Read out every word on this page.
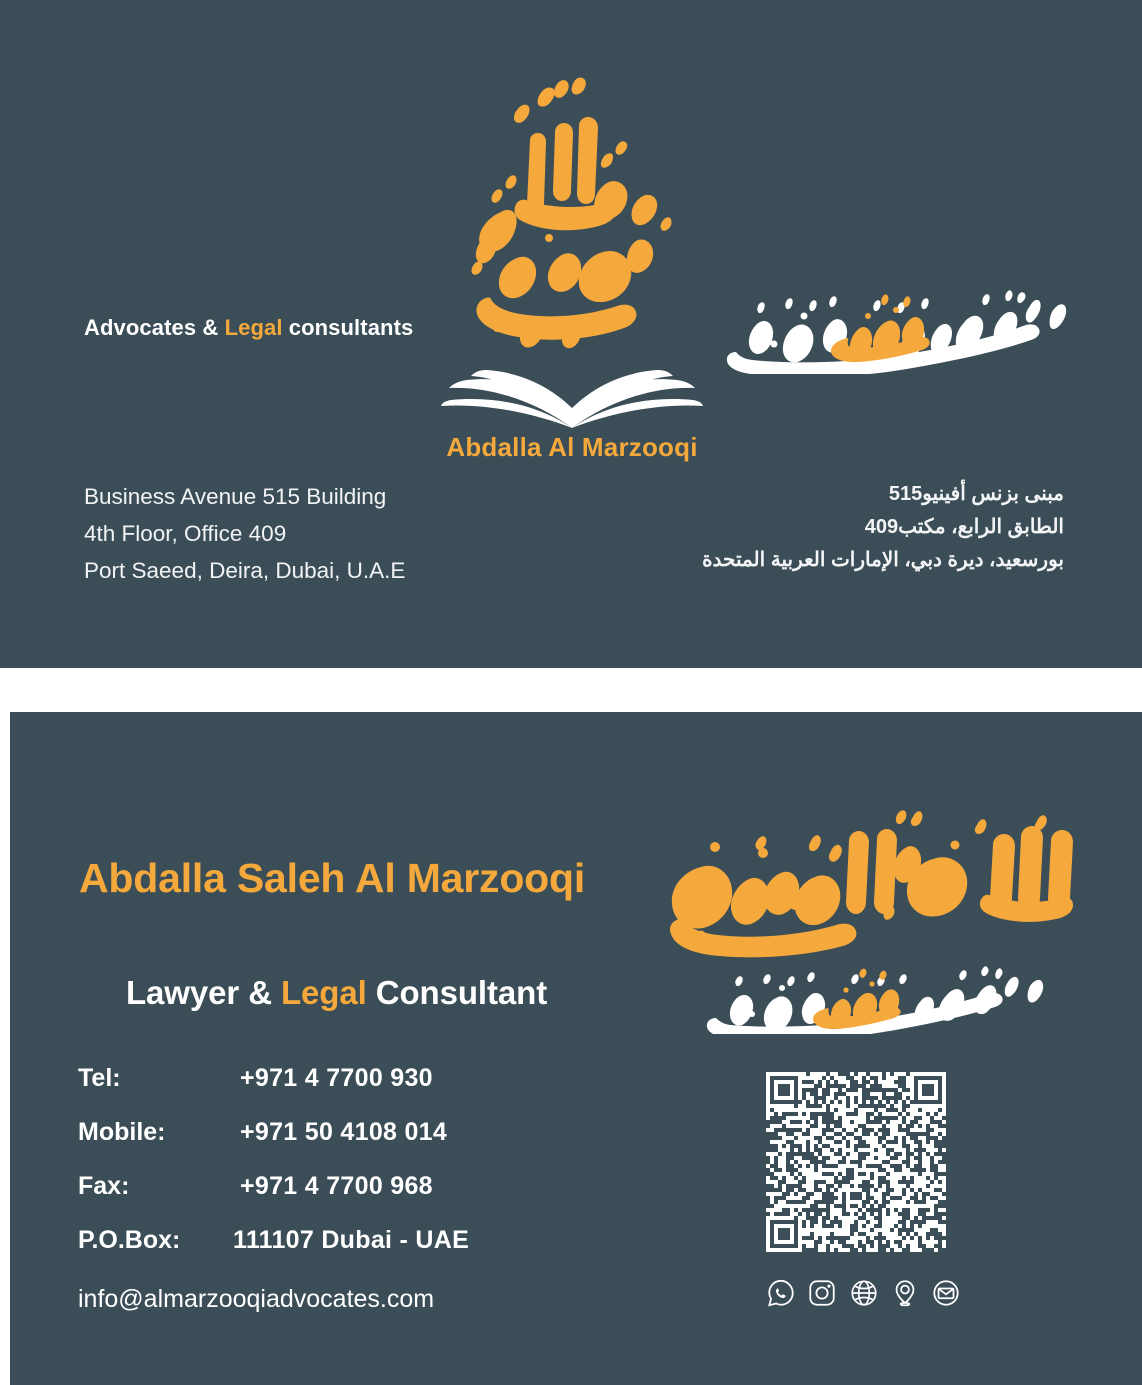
Advocates & Legal consultants
Abdalla Al Marzooqi
Business Avenue 515 Building
4th Floor, Office 409
Port Saeed, Deira, Dubai, U.A.E
مبنى بزنس أفينيو515
الطابق الرابع، مكتب409
بورسعيد، ديرة دبي، الإمارات العربية المتحدة
Abdalla Saleh Al Marzooqi
Lawyer & Legal Consultant
Tel:	+971 4 7700 930
Mobile:	+971 50 4108 014
Fax:	+971 4 7700 968
P.O.Box:	111107 Dubai - UAE
info@almarzooqiadvocates.com
